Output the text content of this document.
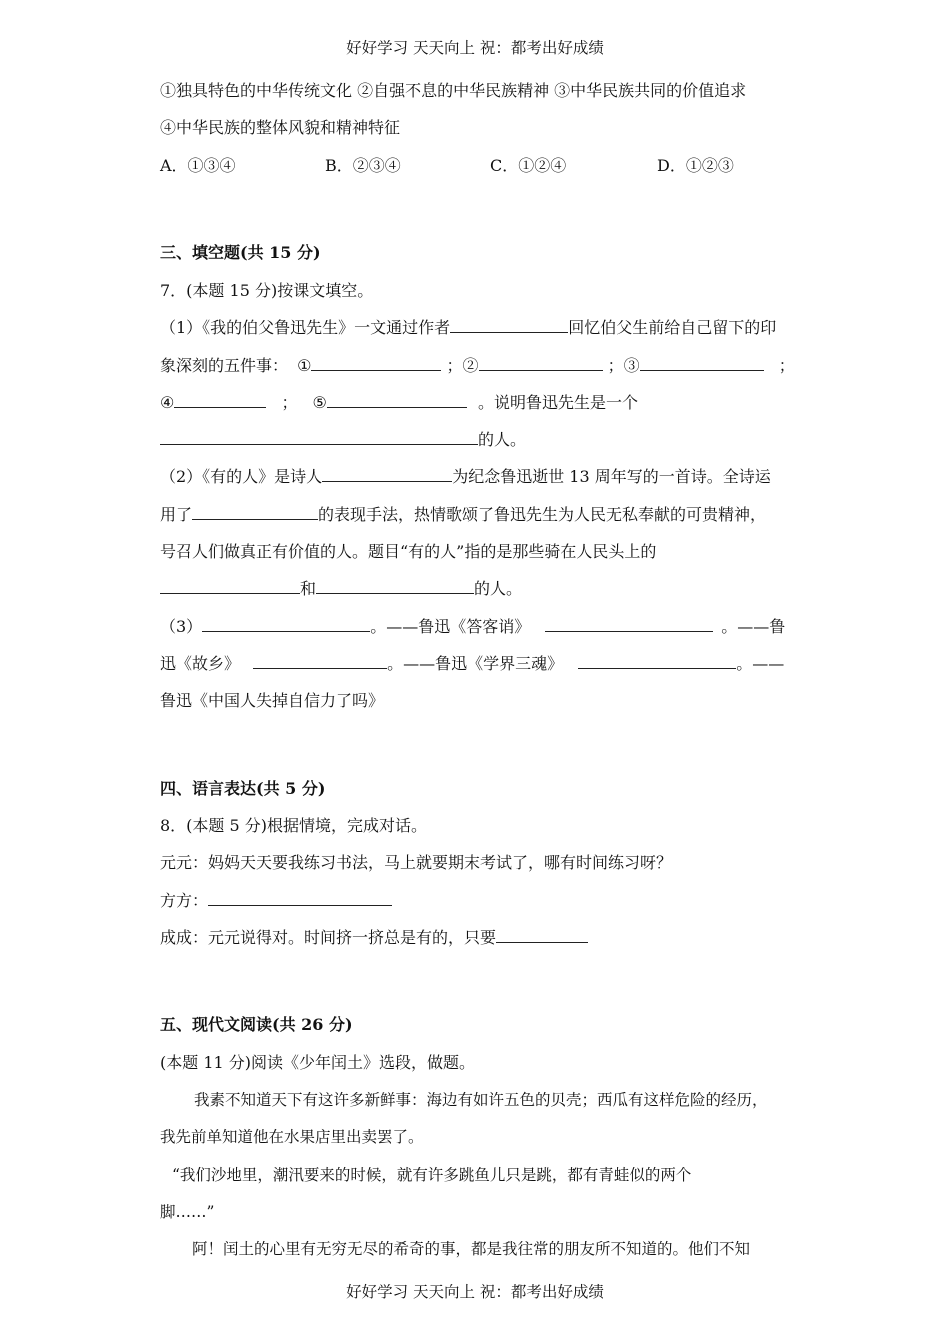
好好学习 天天向上 祝：都考出好成绩
①独具特色的中华传统文化 ②自强不息的中华民族精神 ③中华民族共同的价值追求
④中华民族的整体风貌和精神特征
A．①③④	B．②③④	C．①②④	D．①②③
三、填空题(共 15 分)
7．(本题 15 分)按课文填空。
（1）《我的伯父鲁迅先生》一文通过作者	回忆伯父生前给自己留下的印
象深刻的五件事： ①	；②	；③	；
④	； ⑤	。说明鲁迅先生是一个
的人。
（2）《有的人》是诗人	为纪念鲁迅逝世 13 周年写的一首诗。全诗运
用了	的表现手法，热情歌颂了鲁迅先生为人民无私奉献的可贵精神，
号召人们做真正有价值的人。题目“有的人”指的是那些骑在人民头上的
和	的人。
（3）	。——鲁迅《答客诮》	。——鲁
迅《故乡》	。——鲁迅《学界三魂》	。——
鲁迅《中国人失掉自信力了吗》
四、语言表达(共 5 分)
8．(本题 5 分)根据情境，完成对话。
元元：妈妈天天要我练习书法，马上就要期末考试了，哪有时间练习呀？
方方：
成成：元元说得对。时间挤一挤总是有的，只要
五、现代文阅读(共 26 分)
(本题 11 分)阅读《少年闰土》选段，做题。
我素不知道天下有这许多新鲜事：海边有如许五色的贝壳；西瓜有这样危险的经历，
我先前单知道他在水果店里出卖罢了。
“我们沙地里，潮汛要来的时候，就有许多跳鱼儿只是跳，都有青蛙似的两个
脚……”
阿！闰土的心里有无穷无尽的希奇的事，都是我往常的朋友所不知道的。他们不知
好好学习 天天向上 祝：都考出好成绩
